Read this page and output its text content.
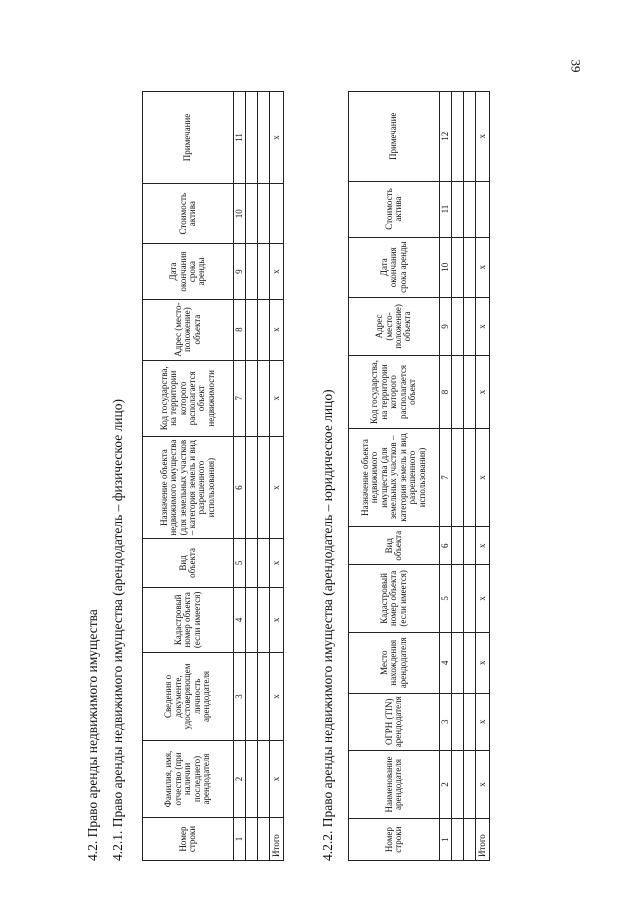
39
4.2. Право аренды недвижимого имущества 4.2.1. Право аренды недвижимого имущества (арендодатель – физическое лицо)	Номер строки	Фамилия, имя, отчество (при наличии последнего) арендодателя	Сведения о документе, удостоверяющем личность арендодателя	Кадастровый номер объекта (если имеется)	Вид объекта	Назначение объекта недвижимого имущества (для земельных участков – категория земель и вид разрешенного использования)	Код государства, на территории которого располагается объект недвижимости	Адрес (место-положение) объекта	Дата окончания срока аренды	Стоимость актива	Примечание
1	2	3	4	5	6	7	8	9	10	11

Итого	x	x	x	x	x	x	x	x		x
4.2.2. Право аренды недвижимого имущества (арендодатель – юридическое лицо)	Номер строки	Наименование арендодателя	ОГРН (TIN) арендодателя	Место нахождения арендодателя	Кадастровый номер объекта (если имеется)	Вид объекта	Назначение объекта недвижимого имущества (для земельных участков – категория земель и вид разрешенного использования)	Код государства, на территории которого располагается объект	Адрес (место-положение) объекта	Дата окончания срока аренды	Стоимость актива	Примечание
1	2	3	4	5	6	7	8	9	10	11	12

Итого	x	x	x	x	x	x	x	x	x		x
